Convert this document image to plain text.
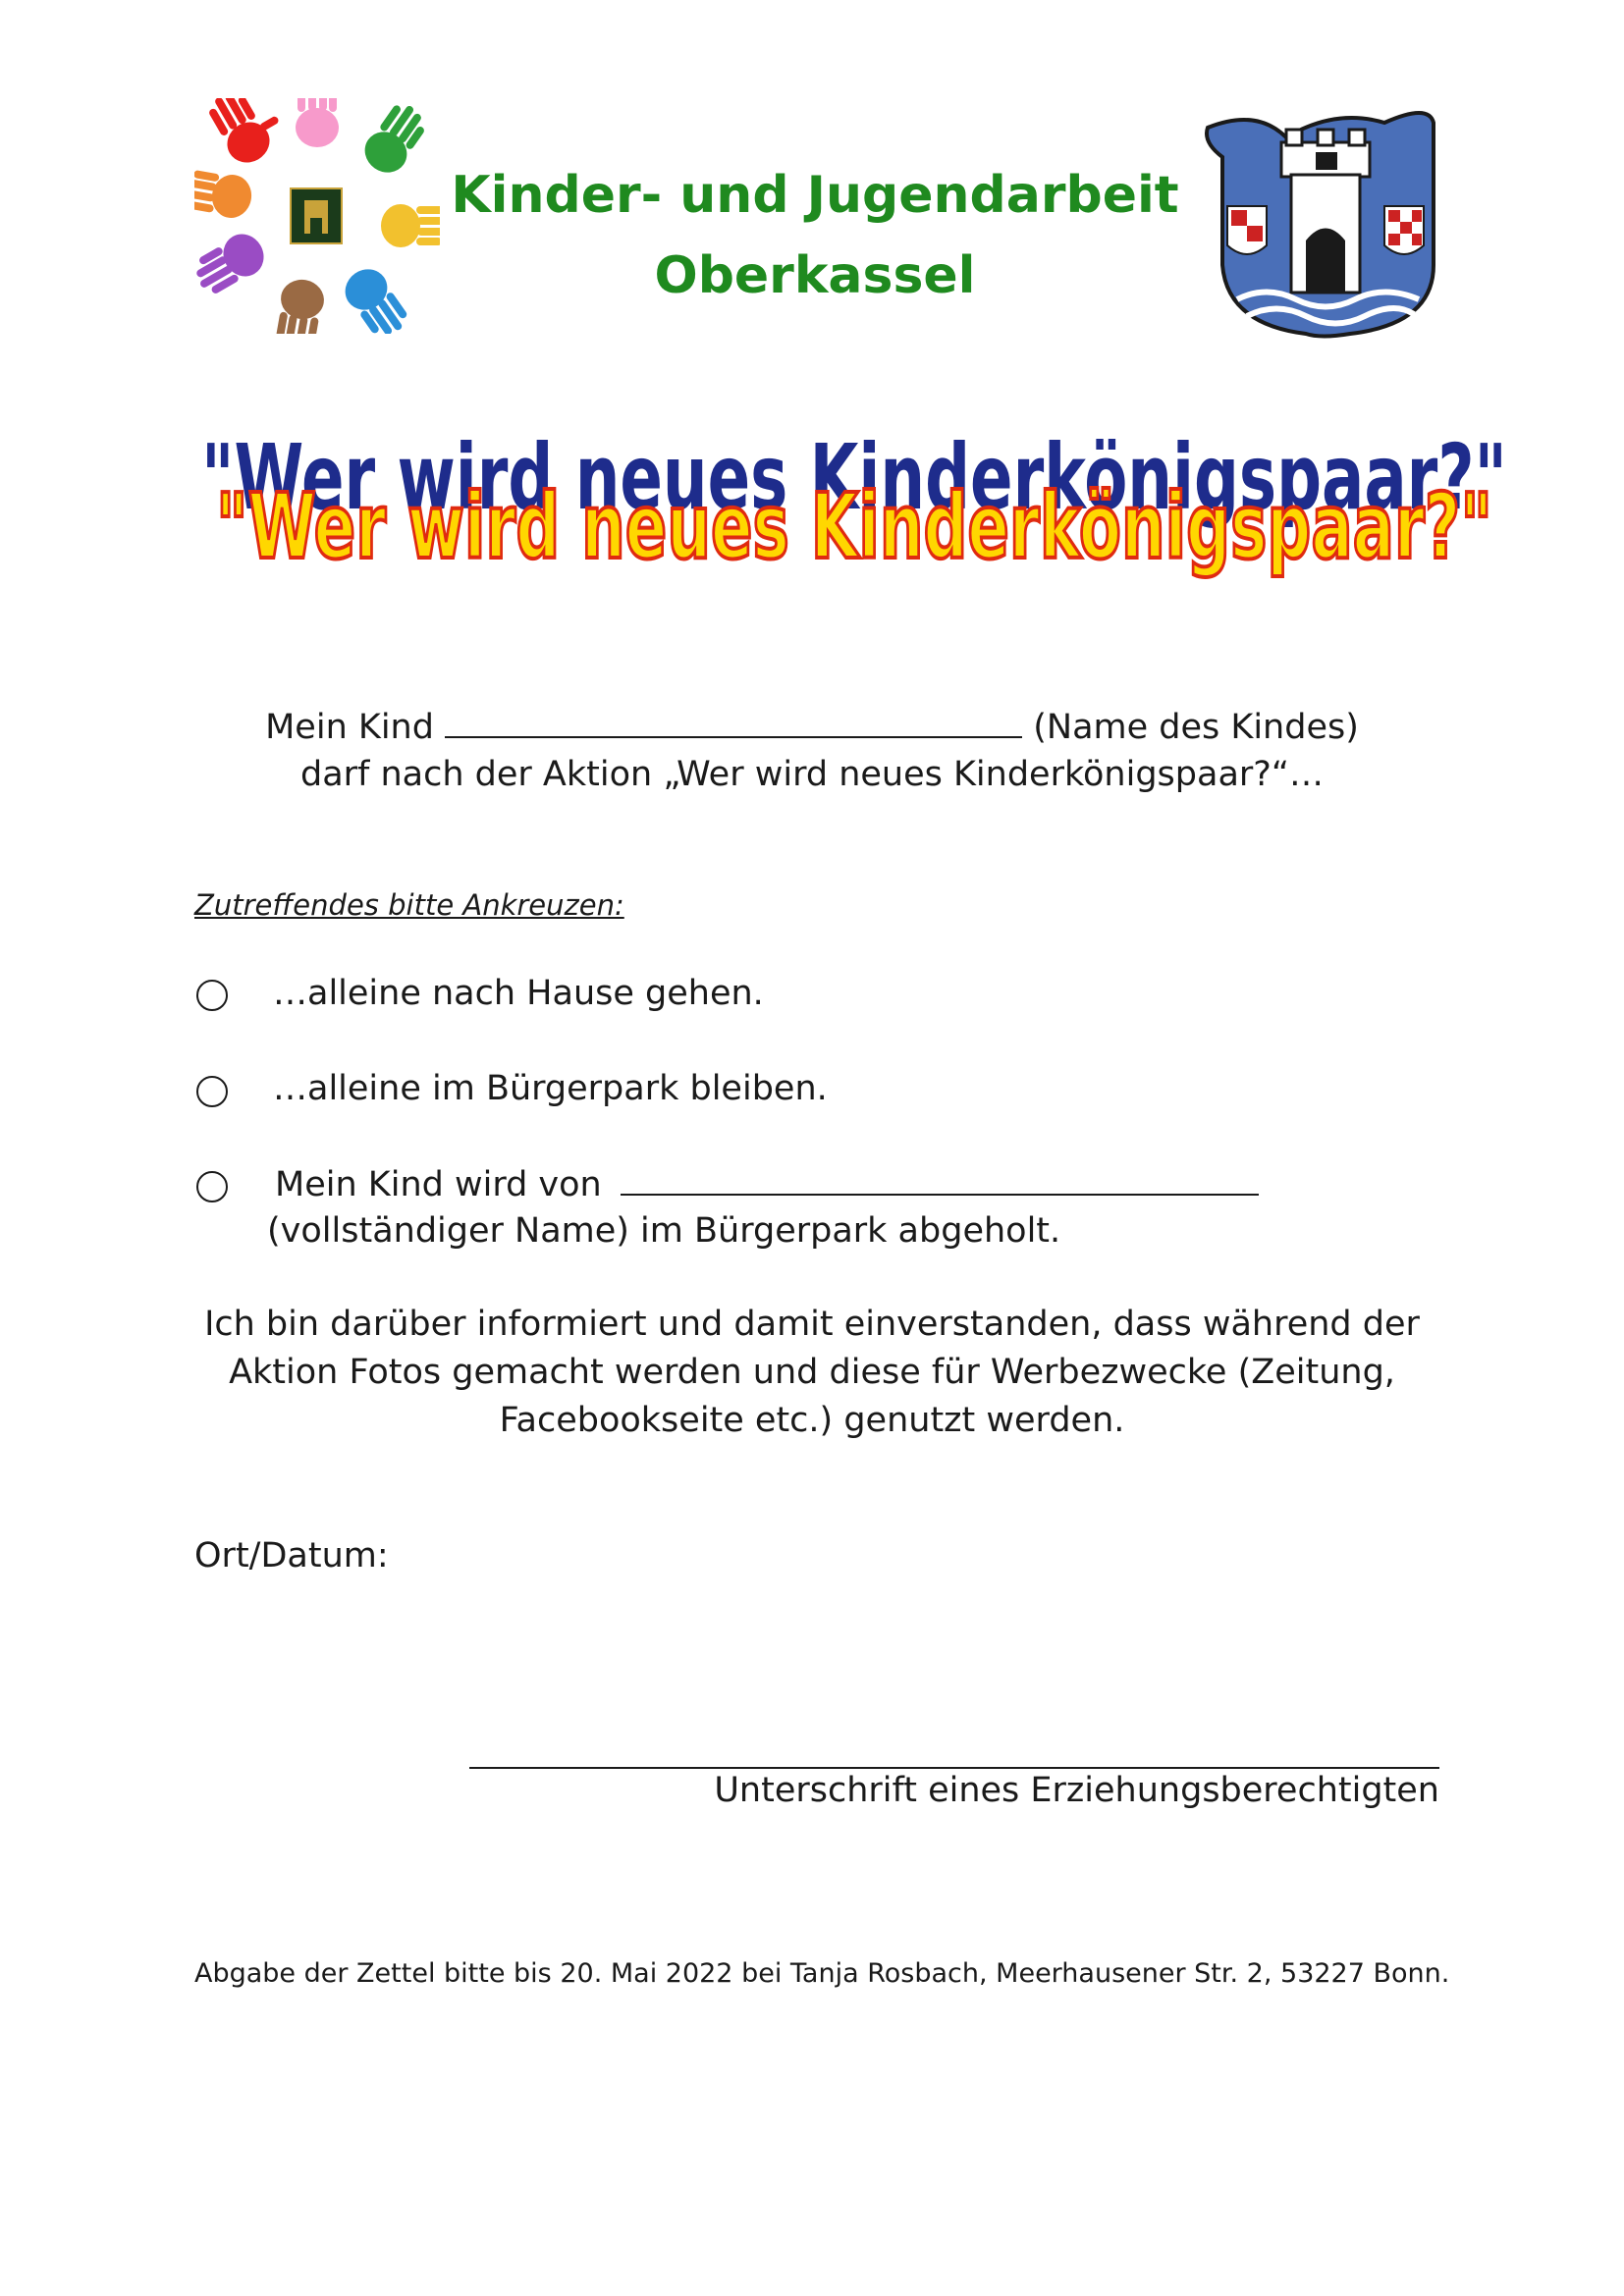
Kinder- und Jugendarbeit
Oberkassel
"Wer wird neues Kinderkönigspaar?"
"Wer wird neues Kinderkönigspaar?"
Mein Kind	(Name des Kindes)
darf nach der Aktion „Wer wird neues Kinderkönigspaar?“…
Zutreffendes bitte Ankreuzen:
…alleine nach Hause gehen.
…alleine im Bürgerpark bleiben.
Mein Kind wird von
(vollständiger Name) im Bürgerpark abgeholt.
Ich bin darüber informiert und damit einverstanden, dass während der Aktion Fotos gemacht werden und diese für Werbezwecke (Zeitung, Facebookseite etc.) genutzt werden.
Ort/Datum:
Unterschrift eines Erziehungsberechtigten
Abgabe der Zettel bitte bis 20. Mai 2022 bei Tanja Rosbach, Meerhausener Str. 2, 53227 Bonn.
